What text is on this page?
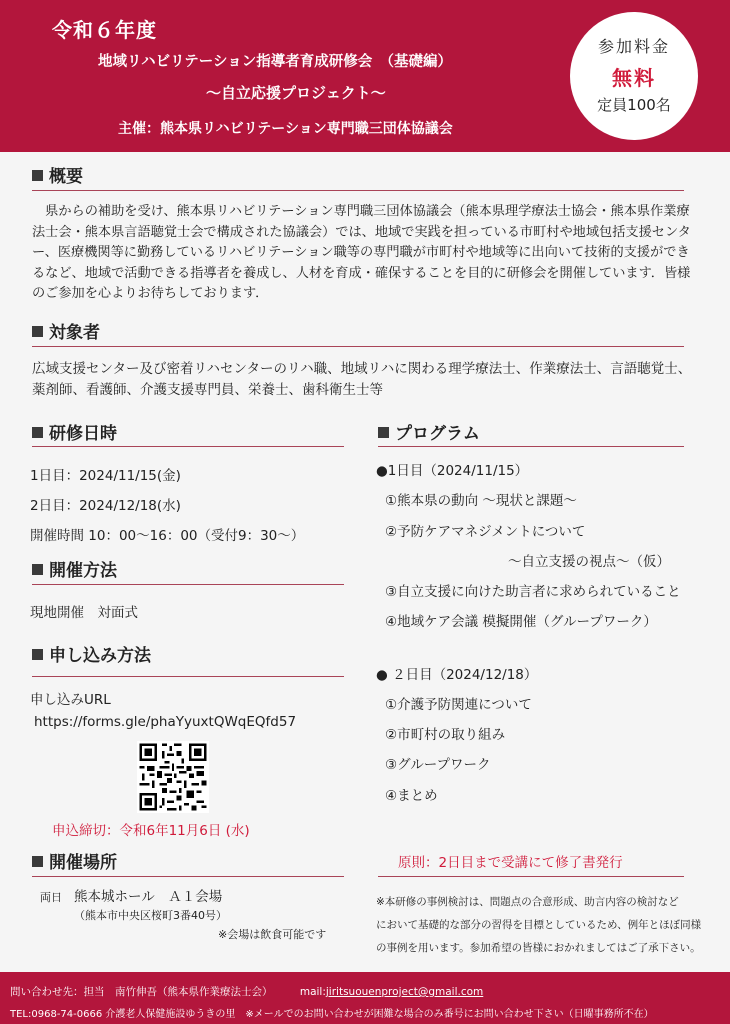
令和６年度
地域リハビリテーション指導者育成研修会　（基礎編）
～自立応援プロジェクト～
主催：熊本県リハビリテーション専門職三団体協議会
参加料金
無料
定員100名
概要
　県からの補助を受け、熊本県リハビリテーション専門職三団体協議会（熊本県理学療法士協会・熊本県作業療法士会・熊本県言語聴覚士会で構成された協議会）では、地域で実践を担っている市町村や地域包括支援センター、医療機関等に勤務しているリハビリテーション職等の専門職が市町村や地域等に出向いて技術的支援ができるなど、地域で活動できる指導者を養成し、人材を育成・確保することを目的に研修会を開催しています．皆様のご参加を心よりお待ちしております．
対象者
広域支援センター及び密着リハセンターのリハ職、地域リハに関わる理学療法士、作業療法士、言語聴覚士、薬剤師、看護師、介護支援専門員、栄養士、歯科衛生士等
研修日時
1日目：2024/11/15(金)
2日目：2024/12/18(水)
開催時間 10：00～16：00（受付9：30～）
開催方法
現地開催　対面式
申し込み方法
申し込みURL
https://forms.gle/phaYyuxtQWqEQfd57
申込締切：令和6年11月6日 (水)
開催場所
両日 熊本城ホール　Ａ１会場
（熊本市中央区桜町3番40号）
※会場は飲食可能です
プログラム
●1日目（2024/11/15）
①熊本県の動向 ～現状と課題～
②予防ケアマネジメントについて
～自立支援の視点～（仮）
③自立支援に向けた助言者に求められていること
④地域ケア会議 模擬開催（グループワーク）
● ２日目（2024/12/18）
①介護予防関連について
②市町村の取り組み
③グループワーク
④まとめ
原則：2日目まで受講にて修了書発行
※本研修の事例検討は、問題点の合意形成、助言内容の検討など
において基礎的な部分の習得を目標としているため、例年とほぼ同様
の事例を用います。参加希望の皆様におかれましてはご了承下さい。
問い合わせ先：担当　南竹伸吾（熊本県作業療法士会）	mail:jiritsuouenproject@gmail.com
TEL:0968-74-0666 介護老人保健施設ゆうきの里　※メールでのお問い合わせが困難な場合のみ番号にお問い合わせ下さい（日曜事務所不在）
